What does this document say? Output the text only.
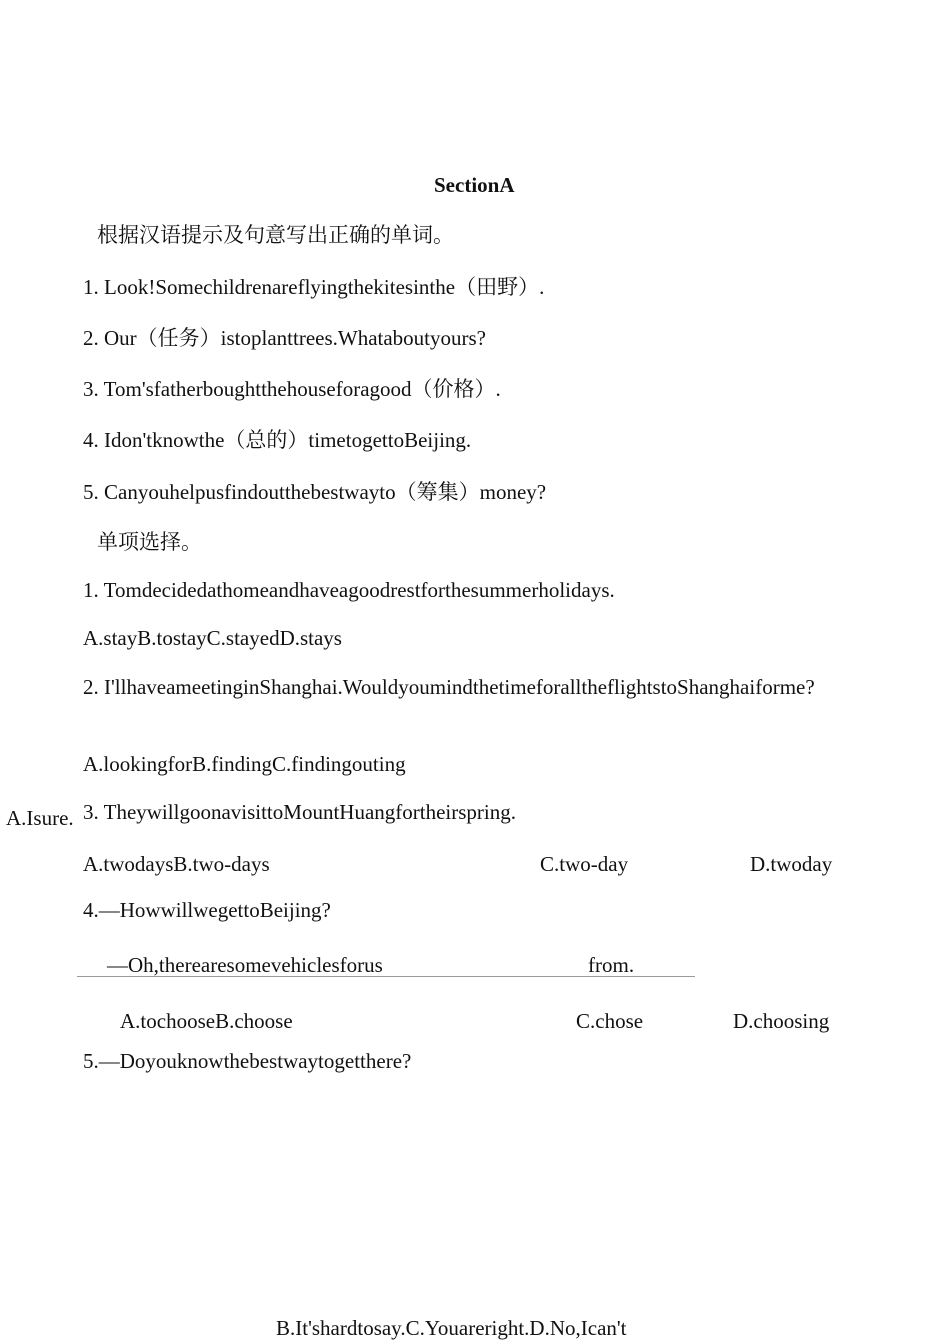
SectionA
根据汉语提示及句意写出正确的单词。
1. Look!Somechildrenareflyingthekitesinthe（田野）.
2. Our（任务）istoplanttrees.Whataboutyours?
3. Tom'sfatherboughtthehouseforagood（价格）.
4. Idon'tknowthe（总的）timetogettoBeijing.
5. Canyouhelpusfindoutthebestwayto（筹集）money?
单项选择。
1. Tomdecidedathomeandhaveagoodrestforthesummerholidays.
A.stayB.tostayC.stayedD.stays
2. I'llhaveameetinginShanghai.WouldyoumindthetimeforalltheflightstoShanghaiforme?
A.lookingforB.findingC.findingouting
A.Isure. 3. TheywillgoonavisittoMountHuangfortheirspring.
A.twodaysB.two-days	C.two-day	D.twoday
4.—HowwillwegettoBeijing?
—Oh,therearesomevehiclesforus	from.
A.tochooseB.choose	C.chose	D.choosing
5.—Doyouknowthebestwaytogetthere?
B.It'shardtosay.C.Youareright.D.No,Ican't
